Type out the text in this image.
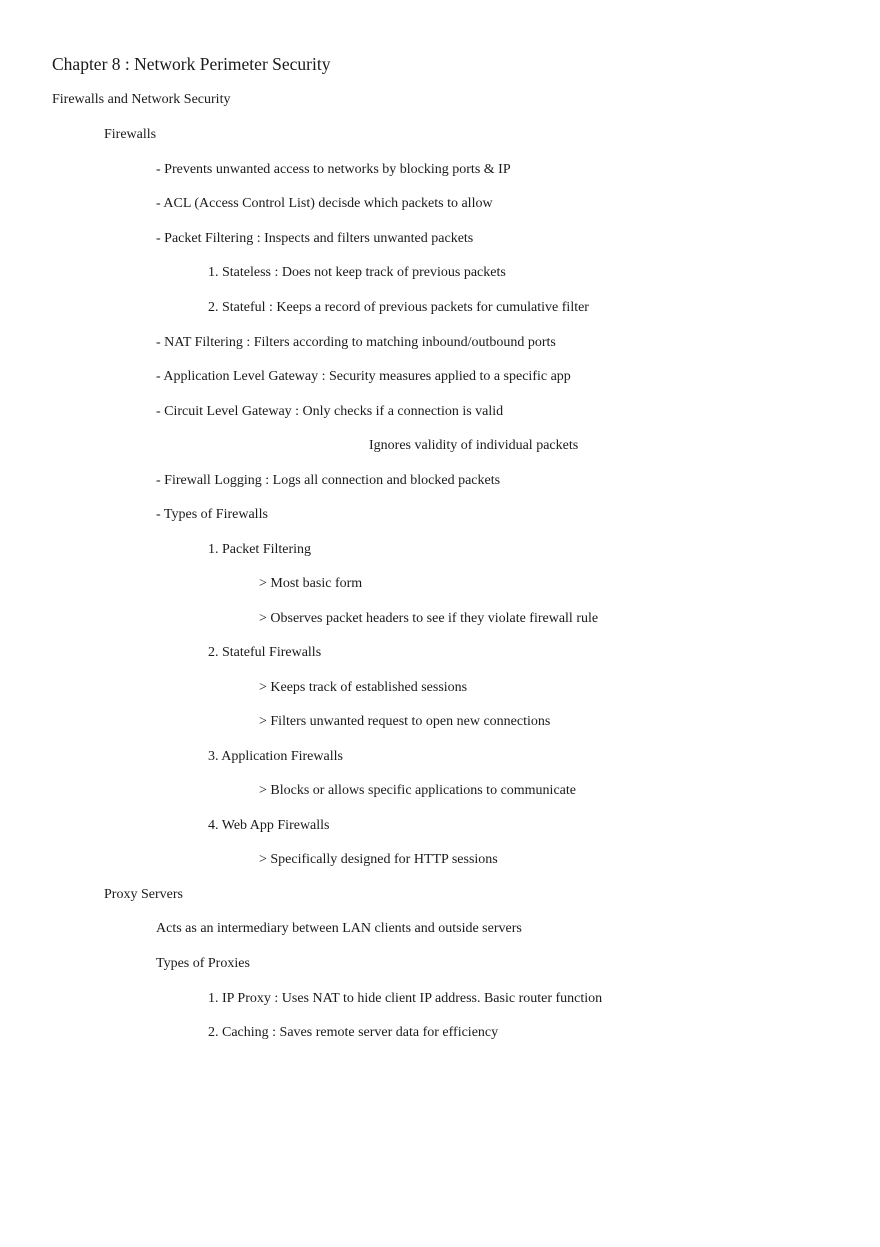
Chapter 8 : Network Perimeter Security
Firewalls and Network Security
Firewalls
- Prevents unwanted access to networks by blocking ports & IP
- ACL (Access Control List) decisde which packets to allow
- Packet Filtering : Inspects and filters unwanted packets
1. Stateless : Does not keep track of previous packets
2. Stateful : Keeps a record of previous packets for cumulative filter
- NAT Filtering : Filters according to matching inbound/outbound ports
- Application Level Gateway : Security measures applied to a specific app
- Circuit Level Gateway : Only checks if a connection is valid
Ignores validity of individual packets
- Firewall Logging : Logs all connection and blocked packets
- Types of Firewalls
1. Packet Filtering
> Most basic form
> Observes packet headers to see if they violate firewall rule
2. Stateful Firewalls
> Keeps track of established sessions
> Filters unwanted request to open new connections
3. Application Firewalls
> Blocks or allows specific applications to communicate
4. Web App Firewalls
> Specifically designed for HTTP sessions
Proxy Servers
Acts as an intermediary between LAN clients and outside servers
Types of Proxies
1. IP Proxy : Uses NAT to hide client IP address. Basic router function
2. Caching : Saves remote server data for efficiency
